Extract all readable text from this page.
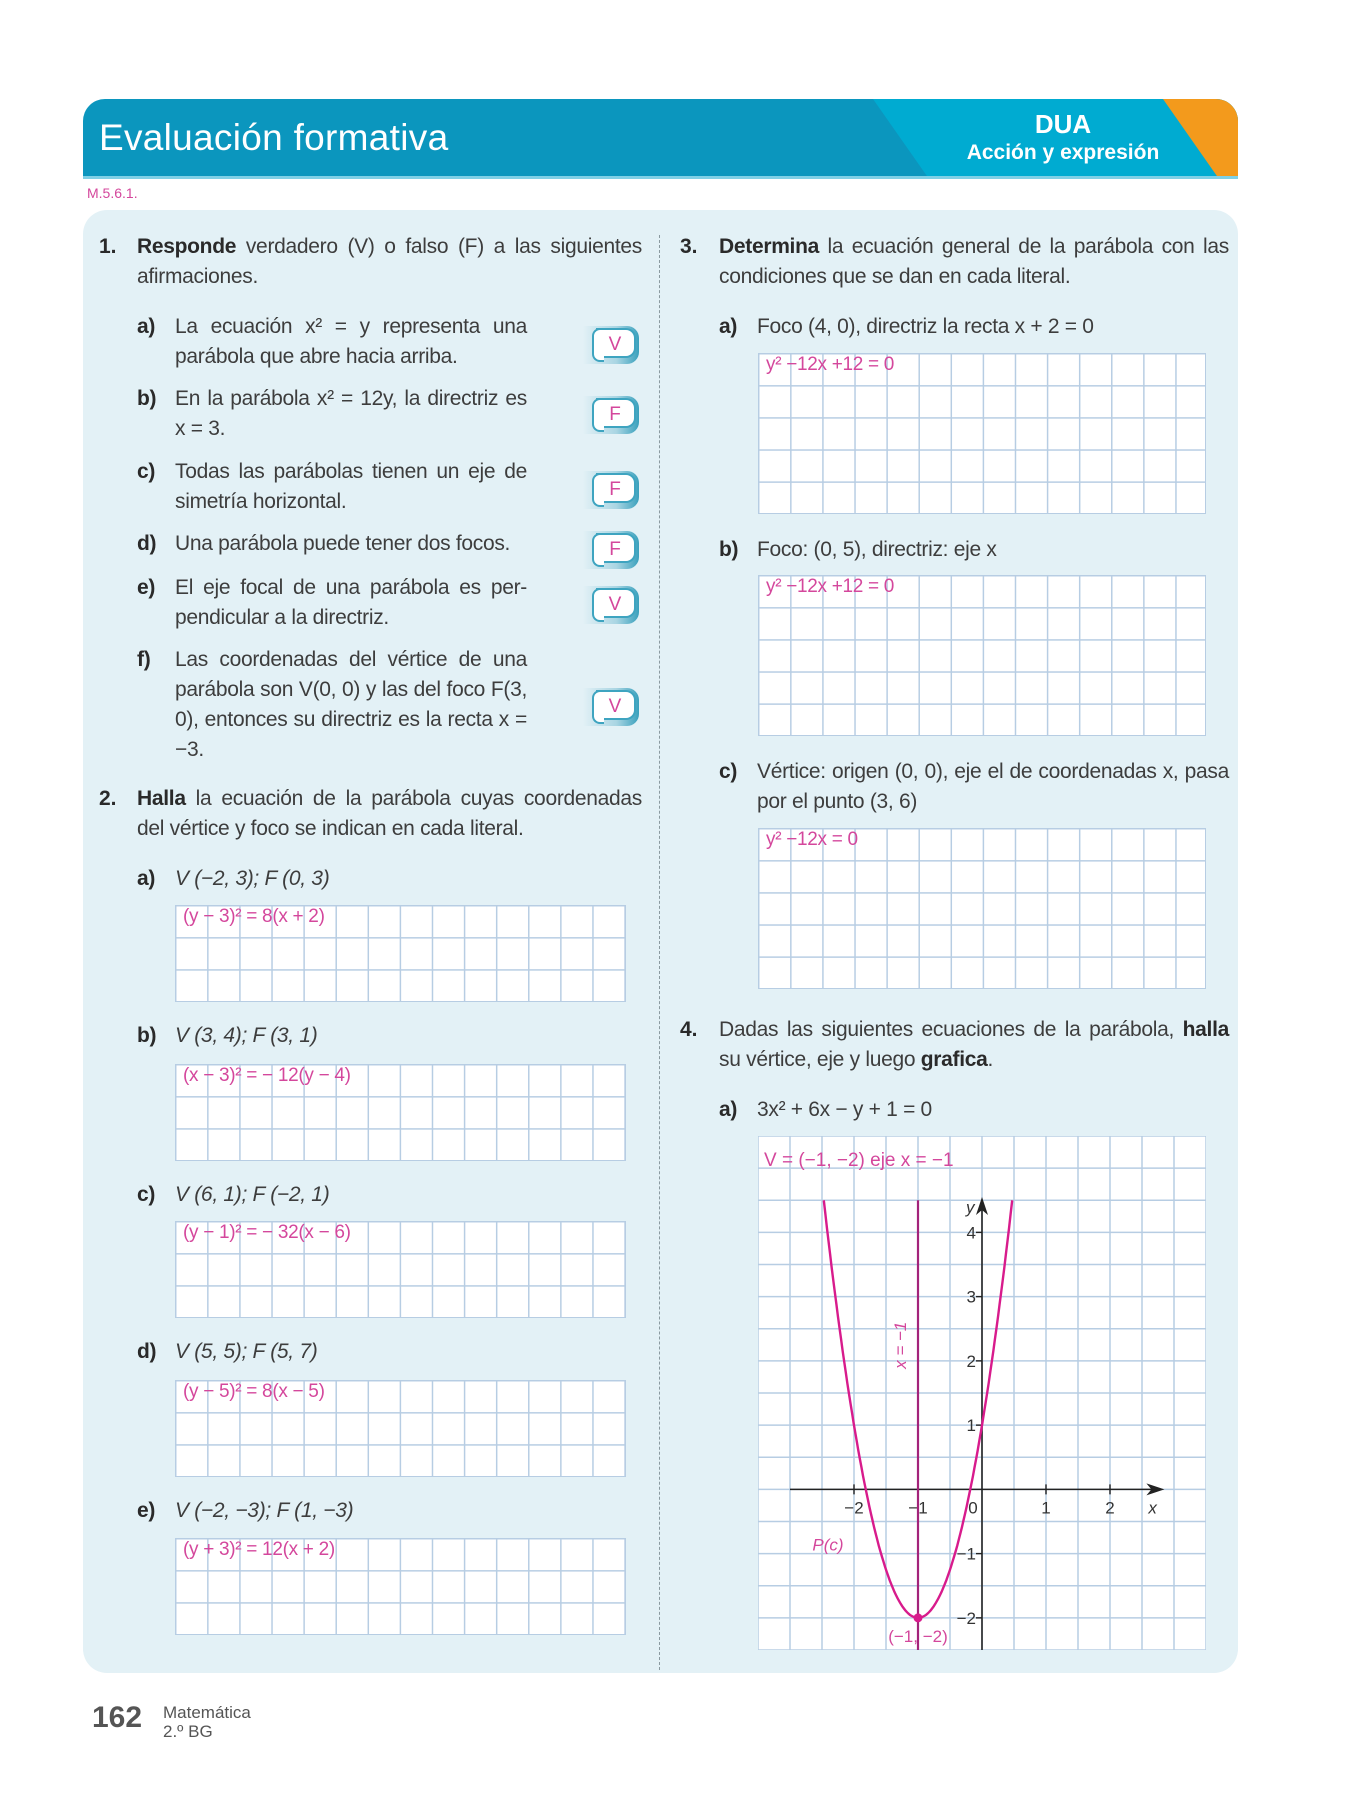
Evaluación formativa	DUA
Acción y expresión
M.5.6.1.
1. Responde verdadero (V) o falso (F) a las siguientes afirmaciones.
a) La ecuación x² = y representa una parábola que abre hacia arriba.
V
b) En la parábola x² = 12y, la directriz es x = 3.
F
c) Todas las parábolas tienen un eje de simetría horizontal.
F
d) Una parábola puede tener dos focos.	F
e) El eje focal de una parábola es per-pendicular a la directriz.
V
f) Las coordenadas del vértice de una parábola son V(0, 0) y las del foco F(3, 0), entonces su directriz es la recta x = −3.
V
2. Halla la ecuación de la parábola cuyas coordenadas del vértice y foco se indican en cada literal.
a) V (−2, 3); F (0, 3)
(y − 3)² = 8(x + 2)
b) V (3, 4); F (3, 1)
(x − 3)² = − 12(y − 4)
c) V (6, 1); F (−2, 1)
(y − 1)² = − 32(x − 6)
d) V (5, 5); F (5, 7)
(y − 5)² = 8(x − 5)
e) V (−2, −3); F (1, −3)
(y + 3)² = 12(x + 2)
3. Determina la ecuación general de la parábola con las condiciones que se dan en cada literal.
a) Foco (4, 0), directriz la recta x + 2 = 0
y² −12x +12 = 0
b) Foco: (0, 5), directriz: eje x
y² −12x +12 = 0
c) Vértice: origen (0, 0), eje el de coordenadas x, pasa por el punto (3, 6)
y² −12x = 0
4. Dadas las siguientes ecuaciones de la parábola, halla su vértice, eje y luego grafica.
a) 3x² + 6x − y + 1 = 0
−2	−1 0	1	2
4
3
2
1
−1
−2
x
y
(−1, −2)
P(c)
x = −1
V = (−1, −2) eje x = −1
162 Matemática
2.º BG
